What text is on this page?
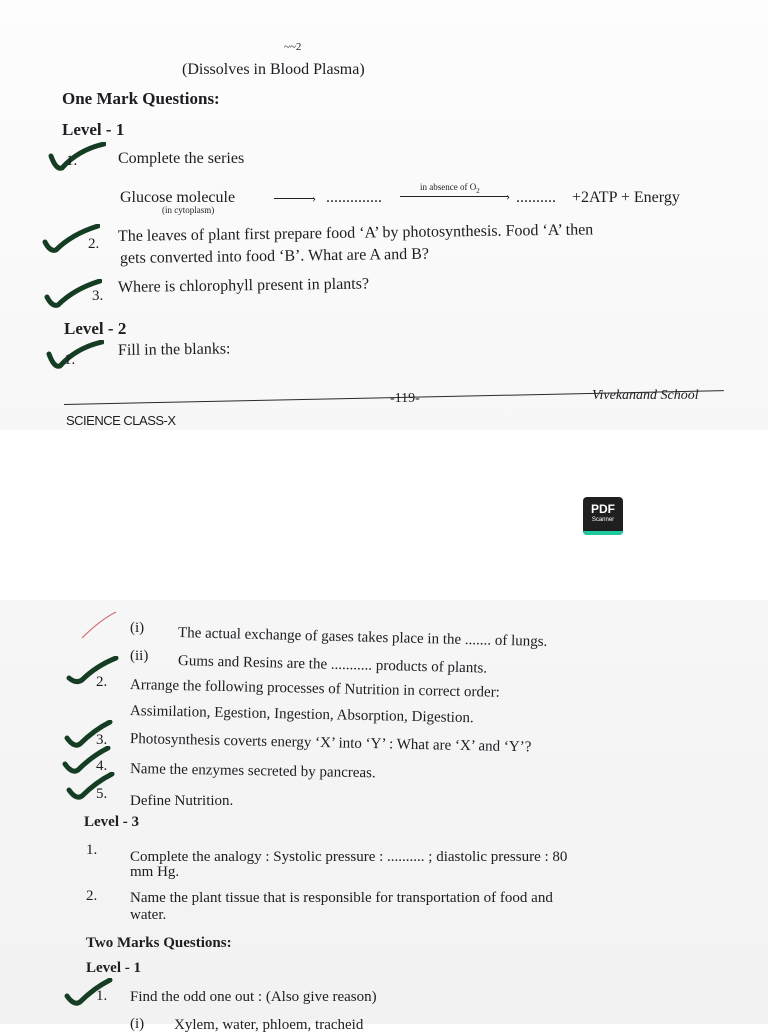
~~2
(Dissolves in Blood Plasma)
One Mark Questions:
Level - 1
1.	Complete the series
Glucose molecule
(in cytoplasm)
› ..............
in absence of $O_2$ › .......... +2ATP + Energy
2. The leaves of plant first prepare food ‘A’ by photosynthesis. Food ‘A’ then
gets converted into food ‘B’. What are A and B?
3.
Where is chlorophyll present in plants?
Level - 2
1.
Fill in the blanks:
SCIENCE CLASS-X
-119-	Vivekanand School
PDF
Scanner
(i) The actual exchange of gases takes place in the ....... of lungs.
(ii) Gums and Resins are the ........... products of plants.
2. Arrange the following processes of Nutrition in correct order:
Assimilation, Egestion, Ingestion, Absorption, Digestion.
3. Photosynthesis coverts energy ‘X’ into ‘Y’ : What are ‘X’ and ‘Y’?
4. Name the enzymes secreted by pancreas.
5. Define Nutrition.
Level - 3
1. Complete the analogy : Systolic pressure : .......... ; diastolic pressure : 80
mm Hg.
2. Name the plant tissue that is responsible for transportation of food and
water.
Two Marks Questions:
Level - 1
1. Find the odd one out : (Also give reason)
(i) Xylem, water, phloem, tracheid
